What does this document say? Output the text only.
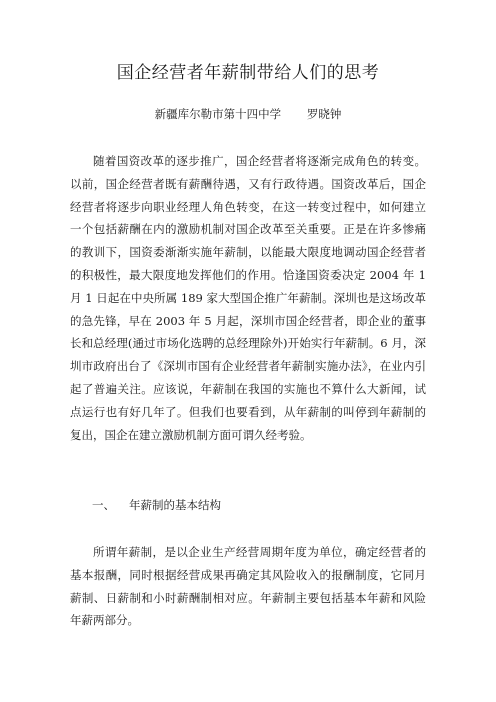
国企经营者年薪制带给人们的思考
新疆库尔勒市第十四中学 罗晓钟

随着国资改革的逐步推广，国企经营者将逐渐完成角色的转变。以前，国企经营者既有薪酬待遇，又有行政待遇。国资改革后，国企经营者将逐步向职业经理人角色转变，在这一转变过程中，如何建立一个包括薪酬在内的激励机制对国企改革至关重要。正是在许多惨痛的教训下，国资委渐渐实施年薪制，以能最大限度地调动国企经营者的积极性，最大限度地发挥他们的作用。恰逢国资委决定 2004 年 1 月 1 日起在中央所属 189 家大型国企推广年薪制。深圳也是这场改革的急先锋，早在 2003 年 5 月起，深圳市国企经营者，即企业的董事长和总经理(通过市场化选聘的总经理除外)开始实行年薪制。6 月，深圳市政府出台了《深圳市国有企业经营者年薪制实施办法》，在业内引起了普遍关注。应该说，年薪制在我国的实施也不算什么大新闻，试点运行也有好几年了。但我们也要看到，从年薪制的叫停到年薪制的复出，国企在建立激励机制方面可谓久经考验。

一、 年薪制的基本结构

所谓年薪制，是以企业生产经营周期年度为单位，确定经营者的基本报酬，同时根据经营成果再确定其风险收入的报酬制度，它同月薪制、日薪制和小时薪酬制相对应。年薪制主要包括基本年薪和风险年薪两部分。
